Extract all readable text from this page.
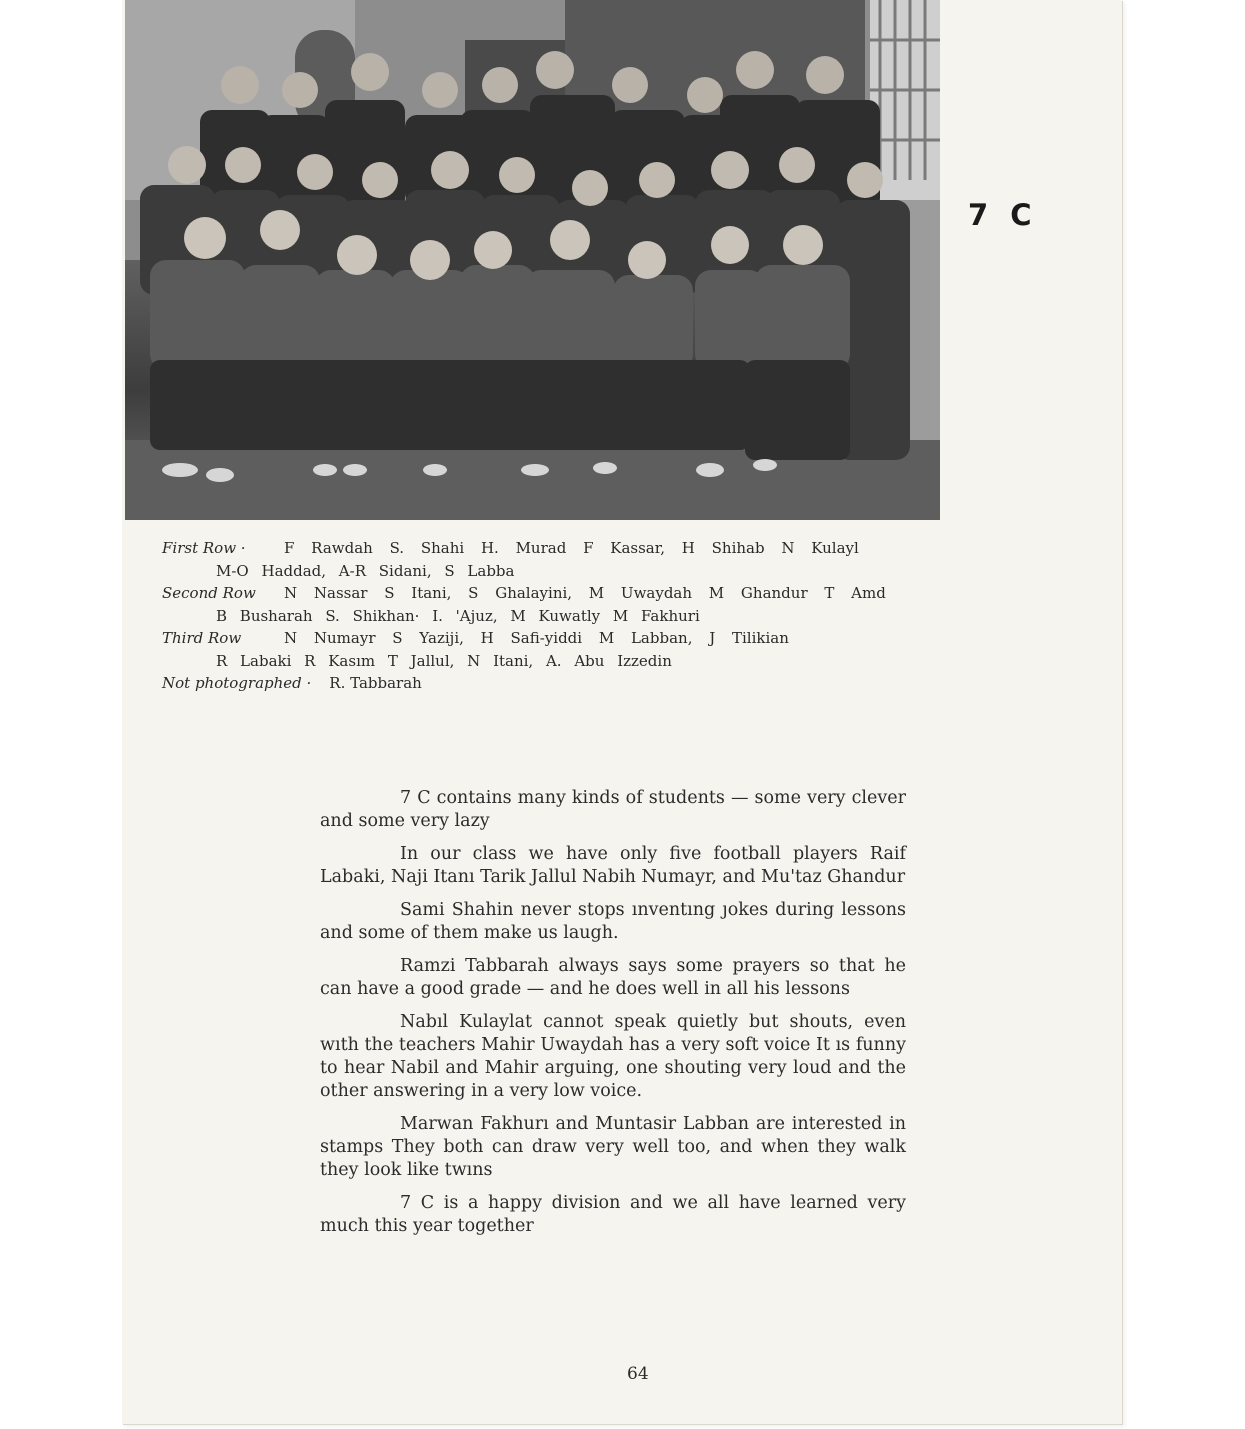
7 C
First Row ·	F Rawdah S. Shahi H. Murad F Kassar, H Shihab N Kulayl
M-O Haddad, A-R Sidani, S Labba
Second Row N Nassar S Itani, S Ghalayini, M Uwaydah M Ghandur T Amd
B Busharah S. Shikhan· I. 'Ajuz, M Kuwatly M Fakhuri
Third Row	N Numayr S Yaziji, H Safi-yiddi M Labban, J Tilikian
R Labaki R Kasım T Jallul, N Itani, A. Abu Izzedin
Not photographed · R. Tabbarah

7 C contains many kinds of students — some very clever and some very lazy

In our class we have only five football players Raif Labaki, Naji Itanı Tarik Jallul Nabih Numayr, and Mu'taz Ghandur

Sami Shahin never stops ınventıng ȷokes during lessons and some of them make us laugh.

Ramzi Tabbarah always says some prayers so that he can have a good grade — and he does well in all his lessons

Nabıl Kulaylat cannot speak quietly but shouts, even wıth the teachers Mahir Uwaydah has a very soft voice It ıs funny to hear Nabil and Mahir arguing, one shouting very loud and the other answering in a very low voice.

Marwan Fakhurı and Muntasir Labban are interested in stamps They both can draw very well too, and when they walk they look like twıns

7 C is a happy division and we all have learned very much this year together

64
